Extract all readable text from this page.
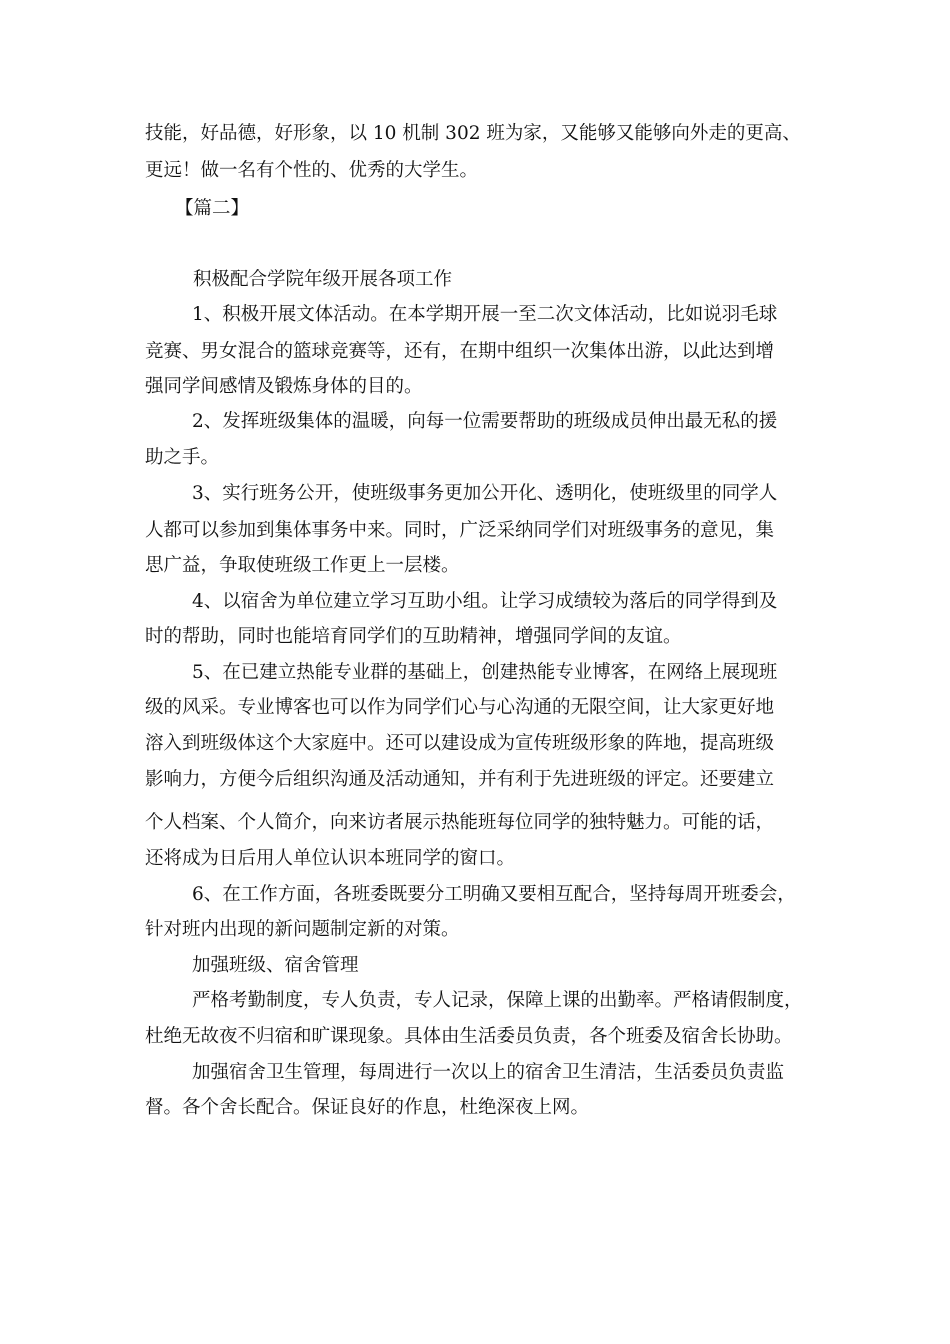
技能，好品德，好形象，以 10 机制 302 班为家，又能够又能够向外走的更高、
更远！做一名有个性的、优秀的大学生。
【篇二】
积极配合学院年级开展各项工作
1、积极开展文体活动。在本学期开展一至二次文体活动，比如说羽毛球
竞赛、男女混合的篮球竞赛等，还有，在期中组织一次集体出游，以此达到增
强同学间感情及锻炼身体的目的。
2、发挥班级集体的温暖，向每一位需要帮助的班级成员伸出最无私的援
助之手。
3、实行班务公开，使班级事务更加公开化、透明化，使班级里的同学人
人都可以参加到集体事务中来。同时，广泛采纳同学们对班级事务的意见，集
思广益，争取使班级工作更上一层楼。
4、以宿舍为单位建立学习互助小组。让学习成绩较为落后的同学得到及
时的帮助，同时也能培育同学们的互助精神，增强同学间的友谊。
5、在已建立热能专业群的基础上，创建热能专业博客，在网络上展现班
级的风采。专业博客也可以作为同学们心与心沟通的无限空间，让大家更好地
溶入到班级体这个大家庭中。还可以建设成为宣传班级形象的阵地，提高班级
影响力，方便今后组织沟通及活动通知，并有利于先进班级的评定。还要建立
个人档案、个人简介，向来访者展示热能班每位同学的独特魅力。可能的话，
还将成为日后用人单位认识本班同学的窗口。
6、在工作方面，各班委既要分工明确又要相互配合，坚持每周开班委会，
针对班内出现的新问题制定新的对策。
加强班级、宿舍管理
严格考勤制度，专人负责，专人记录，保障上课的出勤率。严格请假制度，
杜绝无故夜不归宿和旷课现象。具体由生活委员负责，各个班委及宿舍长协助。
加强宿舍卫生管理，每周进行一次以上的宿舍卫生清洁，生活委员负责监
督。各个舍长配合。保证良好的作息，杜绝深夜上网。
